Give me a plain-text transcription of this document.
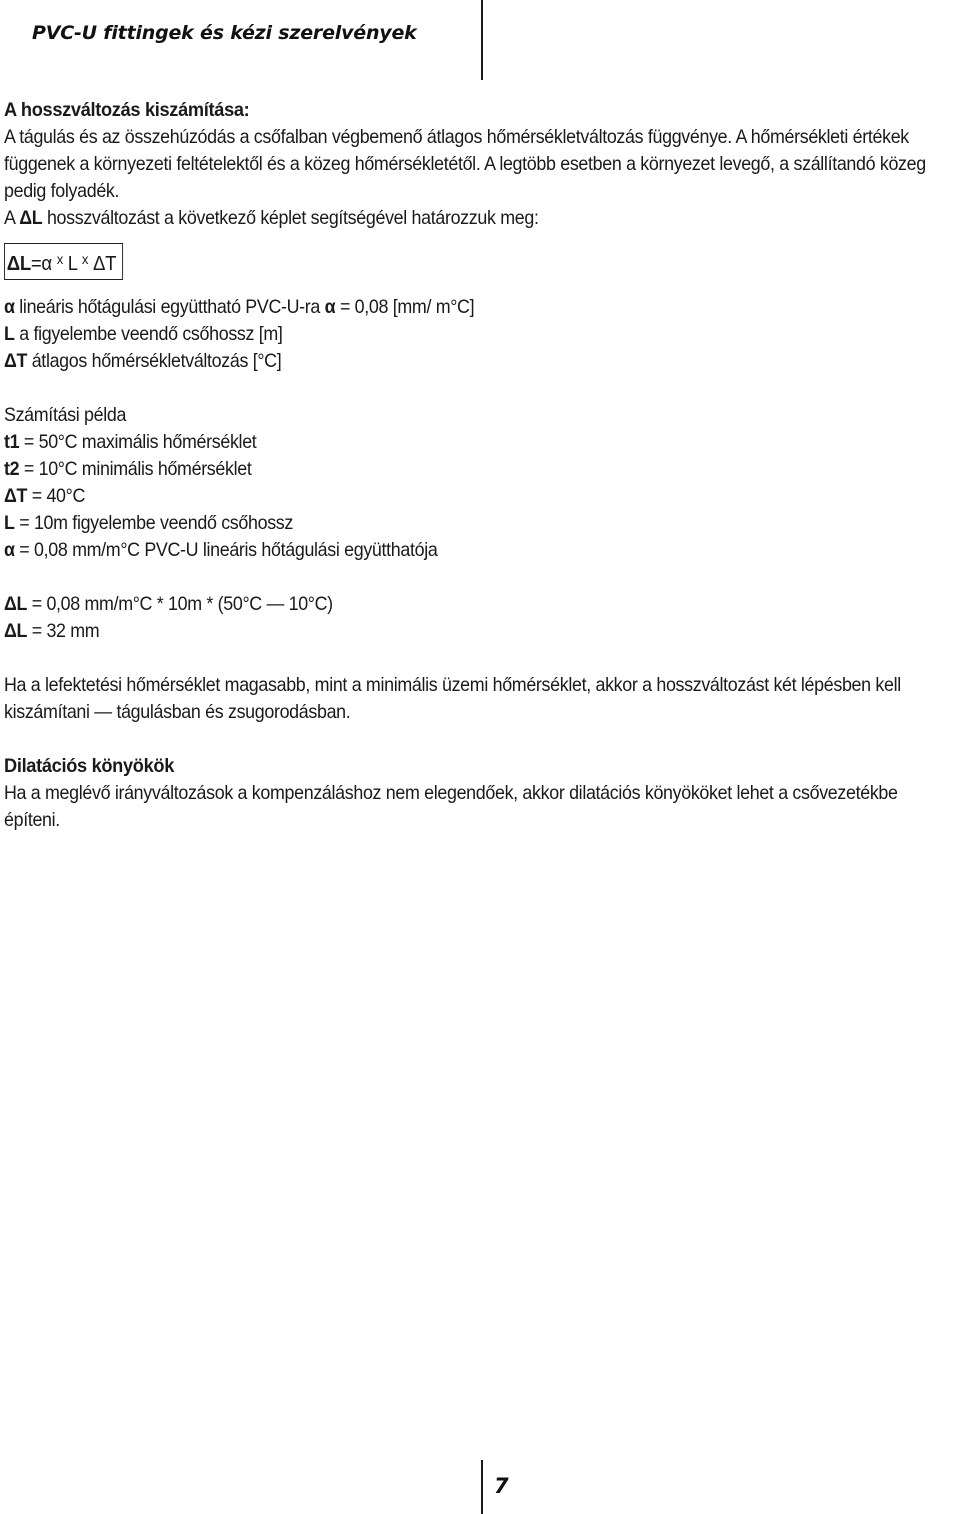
PVC-U fittingek és kézi szerelvények

A hosszváltozás kiszámítása:

A tágulás és az összehúzódás a csőfalban végbemenő átlagos hőmérsékletváltozás függvénye. A hőmérsékleti értékek függenek a környezeti feltételektől és a közeg hőmérsékletétől. A legtöbb esetben a környezet levegő, a szállítandó közeg pedig folyadék.

A ΔL hosszváltozást a következő képlet segítségével határozzuk meg:

ΔL=α $^x$ L $^x$ ΔT

α lineáris hőtágulási együttható PVC-U-ra α = 0,08 [mm/ m°C]

L a figyelembe veendő csőhossz [m]

ΔT átlagos hőmérsékletváltozás [°C]

Számítási példa

t1 = 50°C maximális hőmérséklet

t2 = 10°C minimális hőmérséklet

ΔT = 40°C

L = 10m figyelembe veendő csőhossz

α = 0,08 mm/m°C PVC-U lineáris hőtágulási együtthatója

ΔL = 0,08 mm/m°C * 10m * (50°C — 10°C)

ΔL = 32 mm

Ha a lefektetési hőmérséklet magasabb, mint a minimális üzemi hőmérséklet, akkor a hosszváltozást két lépésben kell kiszámítani — tágulásban és zsugorodásban.

Dilatációs könyökök

Ha a meglévő irányváltozások a kompenzáláshoz nem elegendőek, akkor dilatációs könyököket lehet a csővezetékbe építeni.

7
